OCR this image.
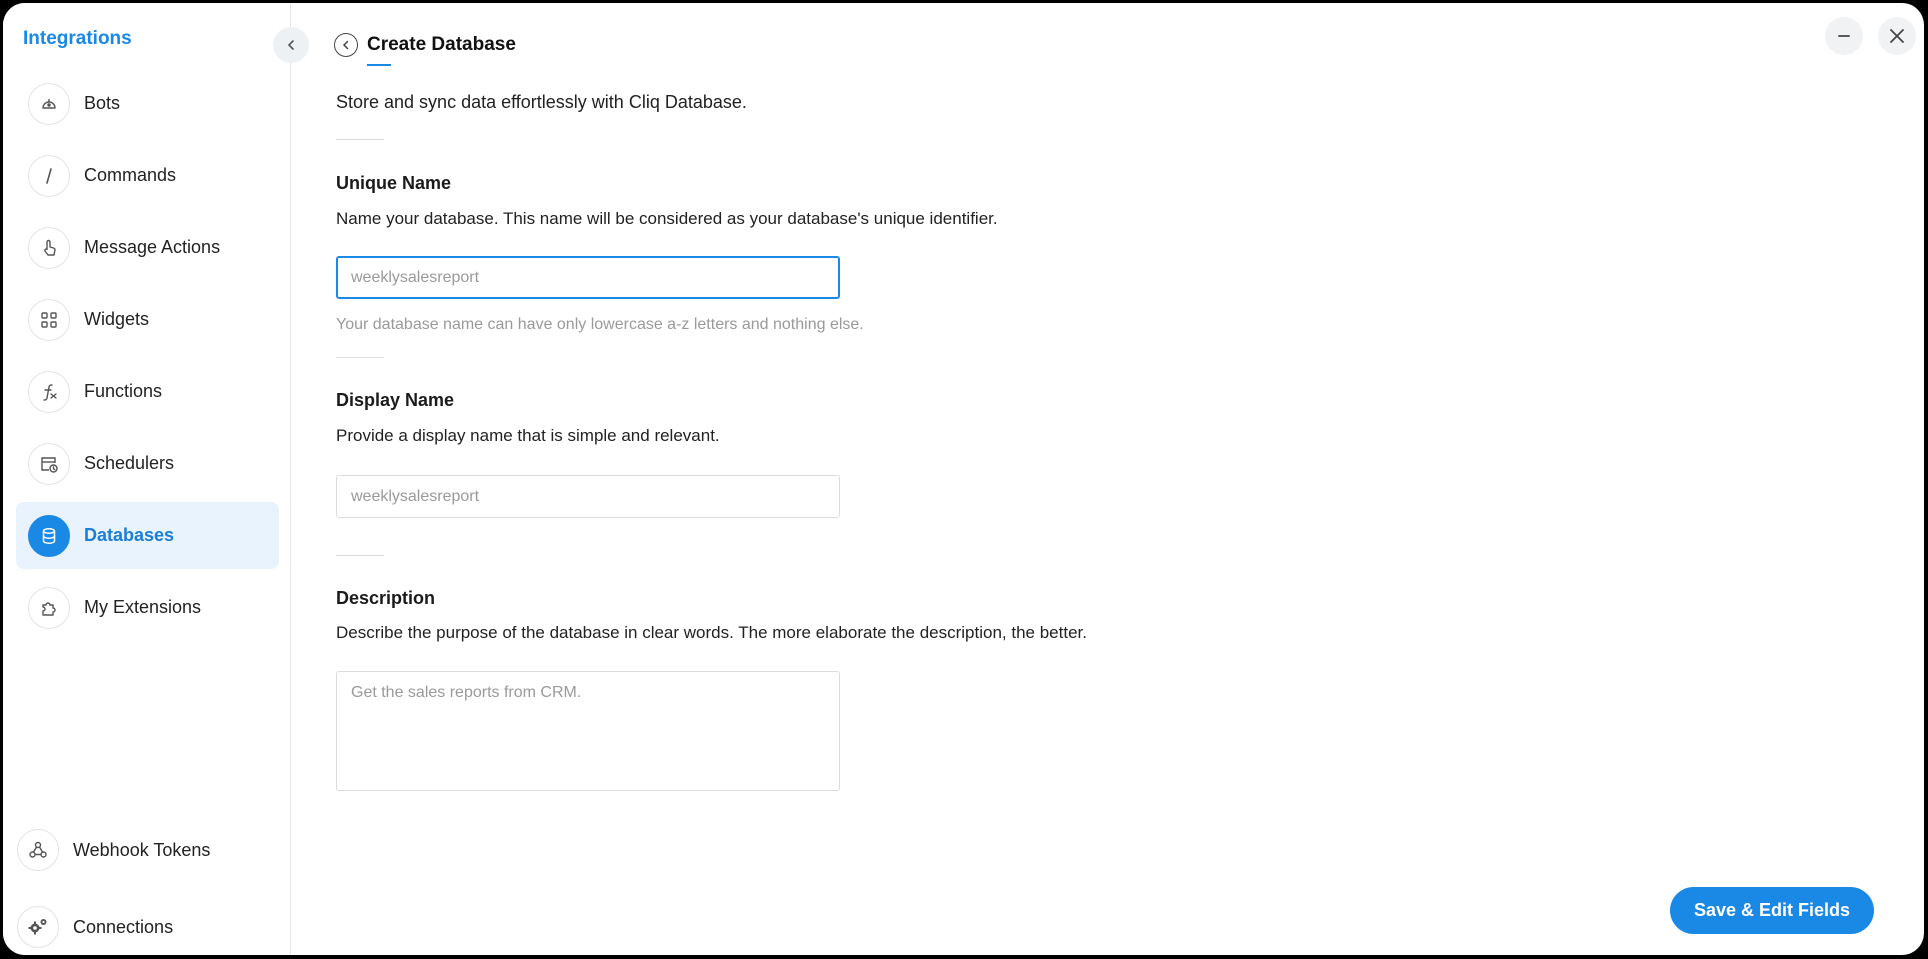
Integrations
Bots
Commands
Message Actions
Widgets
Functions
Schedulers
Databases
My Extensions
Webhook Tokens
Connections
Create Database
Store and sync data effortlessly with Cliq Database.
Unique Name
Name your database. This name will be considered as your database's unique identifier.
weeklysalesreport
Your database name can have only lowercase a-z letters and nothing else.
Display Name
Provide a display name that is simple and relevant.
weeklysalesreport
Description
Describe the purpose of the database in clear words. The more elaborate the description, the better.
Get the sales reports from CRM.
Save & Edit Fields
